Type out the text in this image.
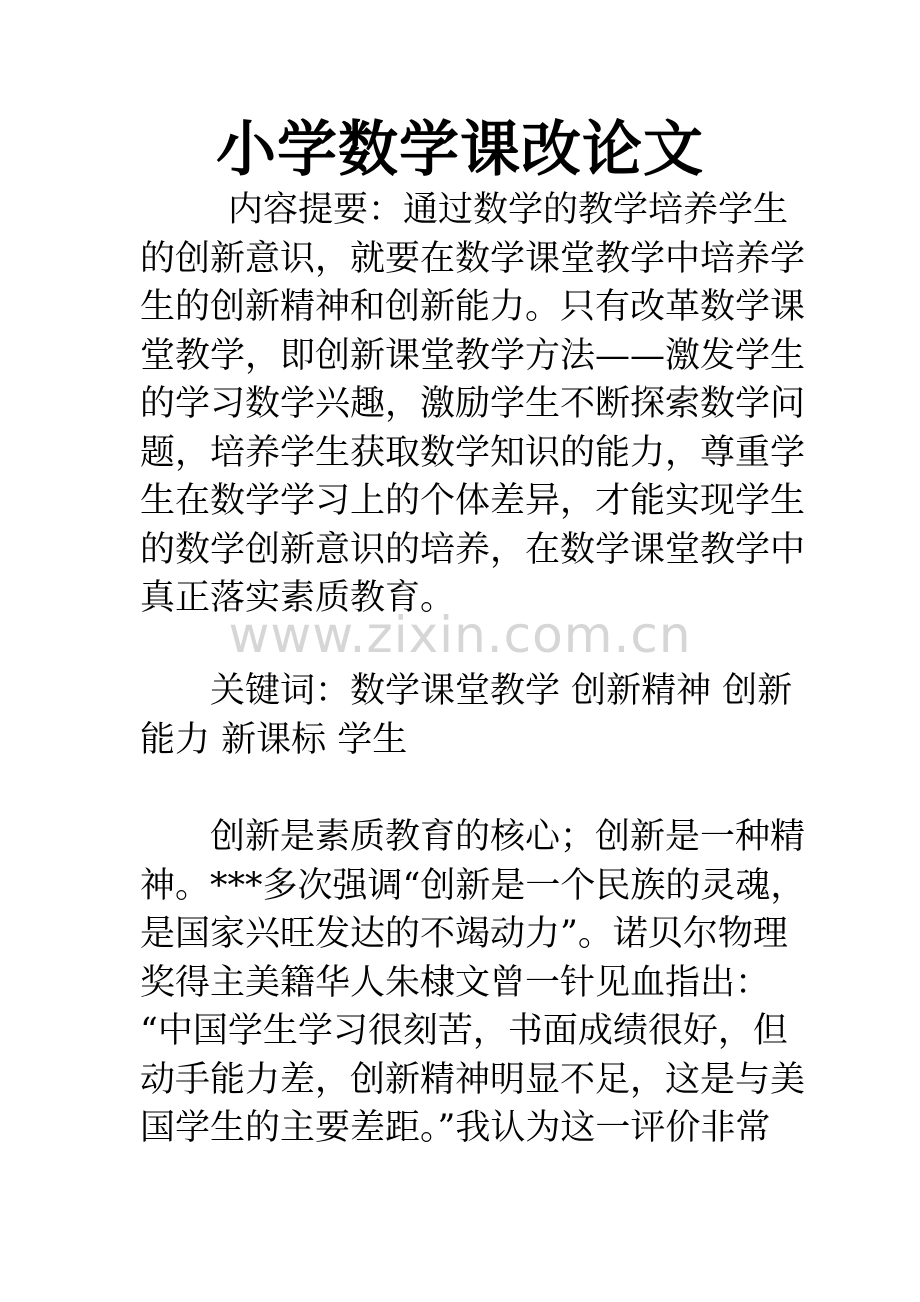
小学数学课改论文
内容提要：通过数学的教学培养学生
的创新意识，就要在数学课堂教学中培养学
生的创新精神和创新能力。只有改革数学课
堂教学，即创新课堂教学方法——激发学生
的学习数学兴趣，激励学生不断探索数学问
题，培养学生获取数学知识的能力，尊重学
生在数学学习上的个体差异，才能实现学生
的数学创新意识的培养，在数学课堂教学中
真正落实素质教育。
www.zixin.com.cn
关键词：数学课堂教学 创新精神 创新
能力 新课标 学生
创新是素质教育的核心；创新是一种精
神。***多次强调“创新是一个民族的灵魂，
是国家兴旺发达的不竭动力”。诺贝尔物理
奖得主美籍华人朱棣文曾一针见血指出：
“中国学生学习很刻苦，书面成绩很好，但
动手能力差，创新精神明显不足，这是与美
国学生的主要差距。”我认为这一评价非常
